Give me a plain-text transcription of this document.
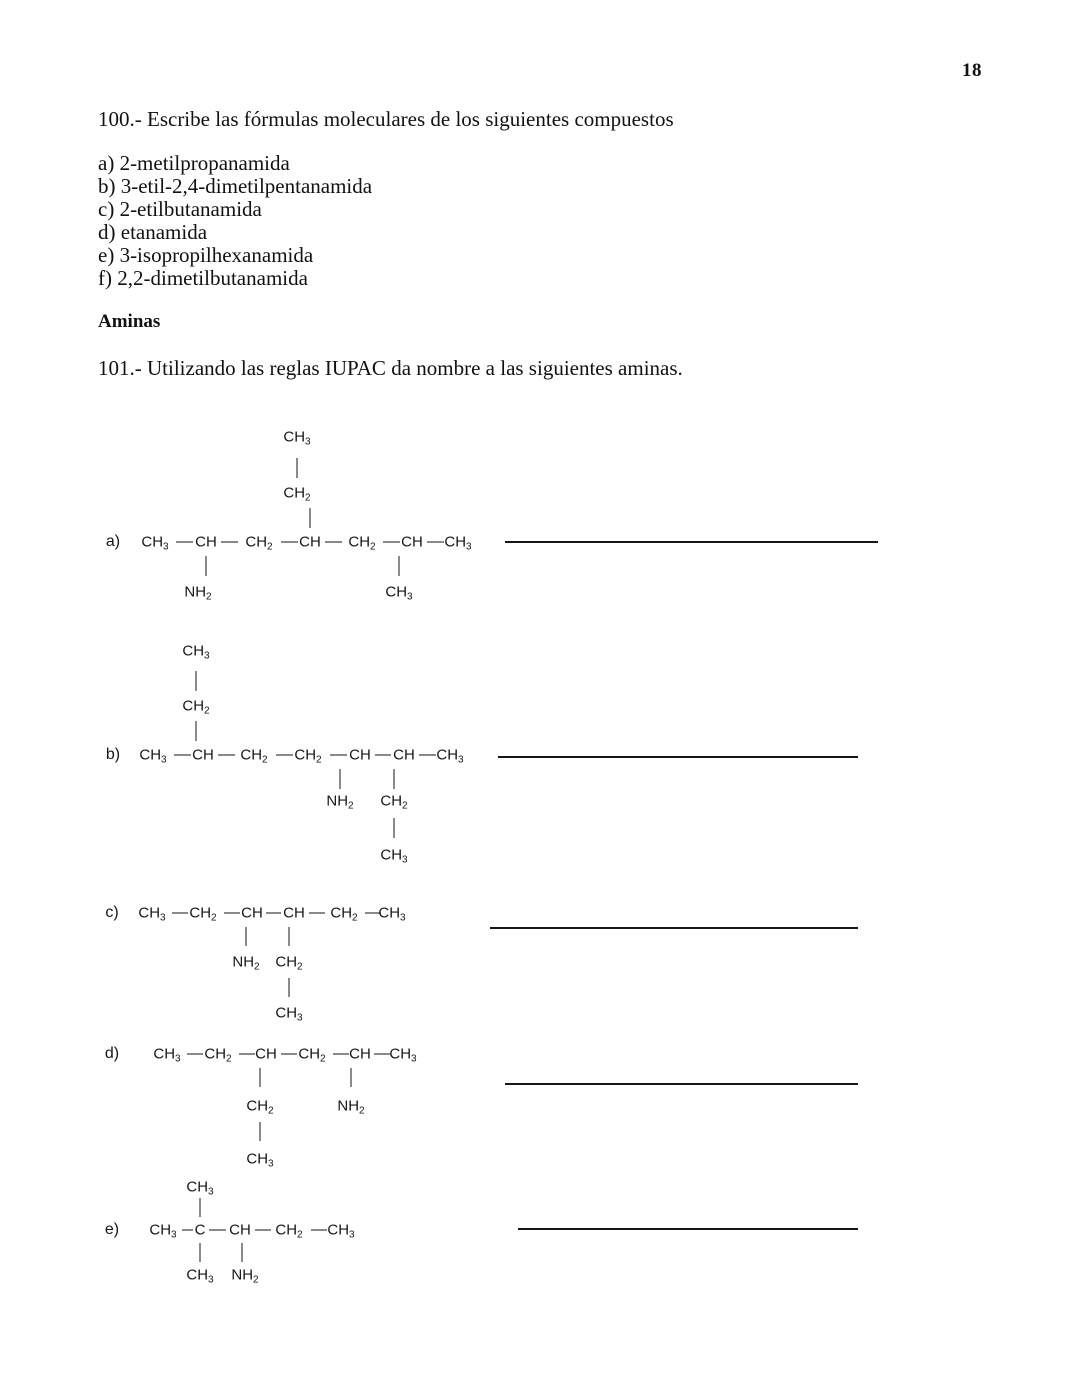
18
100.- Escribe las fórmulas moleculares de los siguientes compuestos
a) 2-metilpropanamida
b) 3-etil-2,4-dimetilpentanamida
c) 2-etilbutanamida
d) etanamida
e) 3-isopropilhexanamida
f) 2,2-dimetilbutanamida
Aminas
101.- Utilizando las reglas IUPAC da nombre a las siguientes aminas.
a) $CH_3$ CH $CH_2$ CH $CH_2$ CH $CH_3$
$NH_2$
$CH_2$
$CH_3$
$CH_3$
b) $CH_3$ CH $CH_2$ $CH_2$ CH CH $CH_3$
$CH_2$
$CH_3$
$NH_2$ $CH_2$
$CH_3$
c) $CH_3$ $CH_2$ CH CH $CH_2$ $CH_3$
$NH_2$ $CH_2$
$CH_3$
d) $CH_3$ $CH_2$ CH $CH_2$ CH $CH_3$
$CH_2$
$CH_3$
$NH_2$
e) $CH_3$ C CH $CH_2$ $CH_3$
$CH_3$
$CH_3$ $NH_2$
